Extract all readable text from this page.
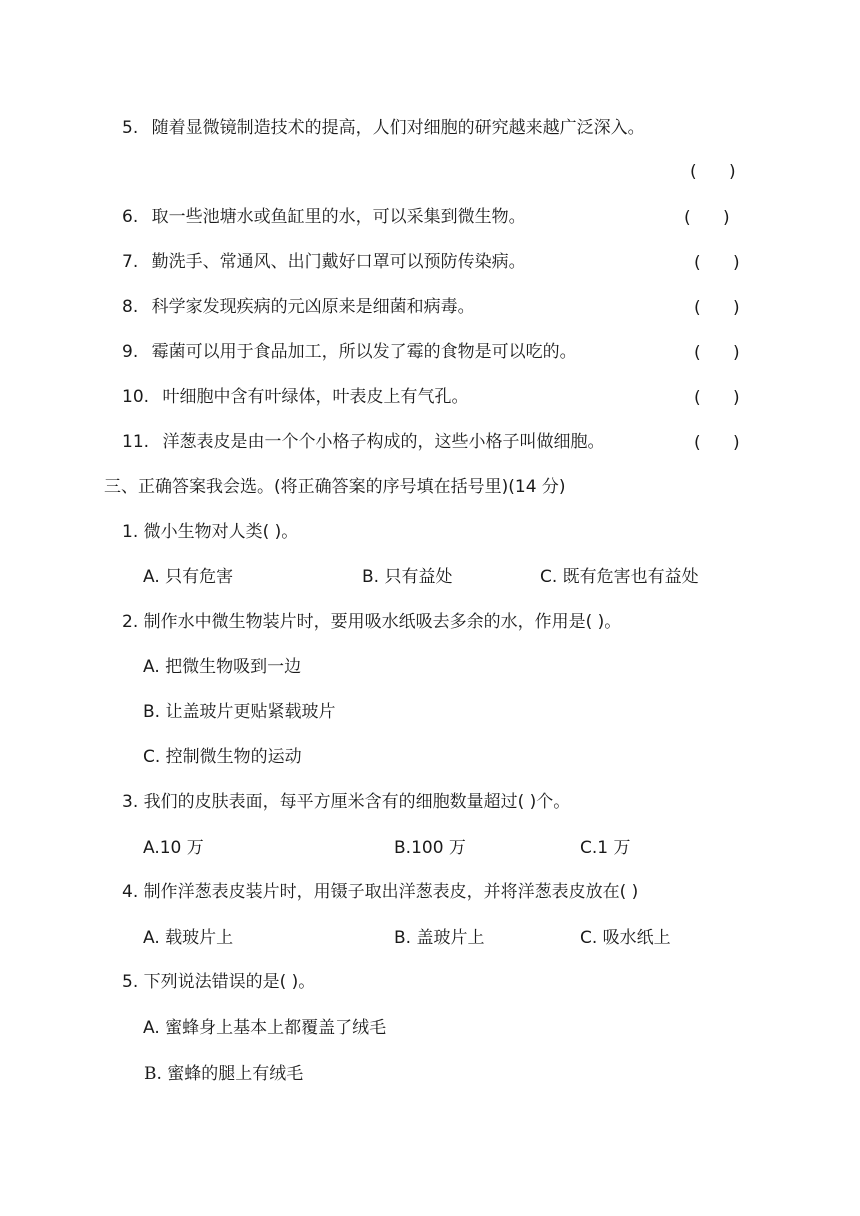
5. 随着显微镜制造技术的提高，人们对细胞的研究越来越广泛深入。
(      )
6. 取一些池塘水或鱼缸里的水，可以采集到微生物。	(      )
7. 勤洗手、常通风、出门戴好口罩可以预防传染病。	(      )
8. 科学家发现疾病的元凶原来是细菌和病毒。	(      )
9. 霉菌可以用于食品加工，所以发了霉的食物是可以吃的。	(      )
10. 叶细胞中含有叶绿体，叶表皮上有气孔。	(      )
11. 洋葱表皮是由一个个小格子构成的，这些小格子叫做细胞。	(      )
三、正确答案我会选。(将正确答案的序号填在括号里)(14 分)
1. 微小生物对人类( )。
A. 只有危害	B. 只有益处	C. 既有危害也有益处
2. 制作水中微生物装片时，要用吸水纸吸去多余的水，作用是( )。
A. 把微生物吸到一边
B. 让盖玻片更贴紧载玻片
C. 控制微生物的运动
3. 我们的皮肤表面，每平方厘米含有的细胞数量超过( )个。
A.10 万	B.100 万	C.1 万
4. 制作洋葱表皮装片时，用镊子取出洋葱表皮，并将洋葱表皮放在( )
A. 载玻片上	B. 盖玻片上	C. 吸水纸上
5. 下列说法错误的是( )。
A. 蜜蜂身上基本上都覆盖了绒毛
B. 蜜蜂的腿上有绒毛
